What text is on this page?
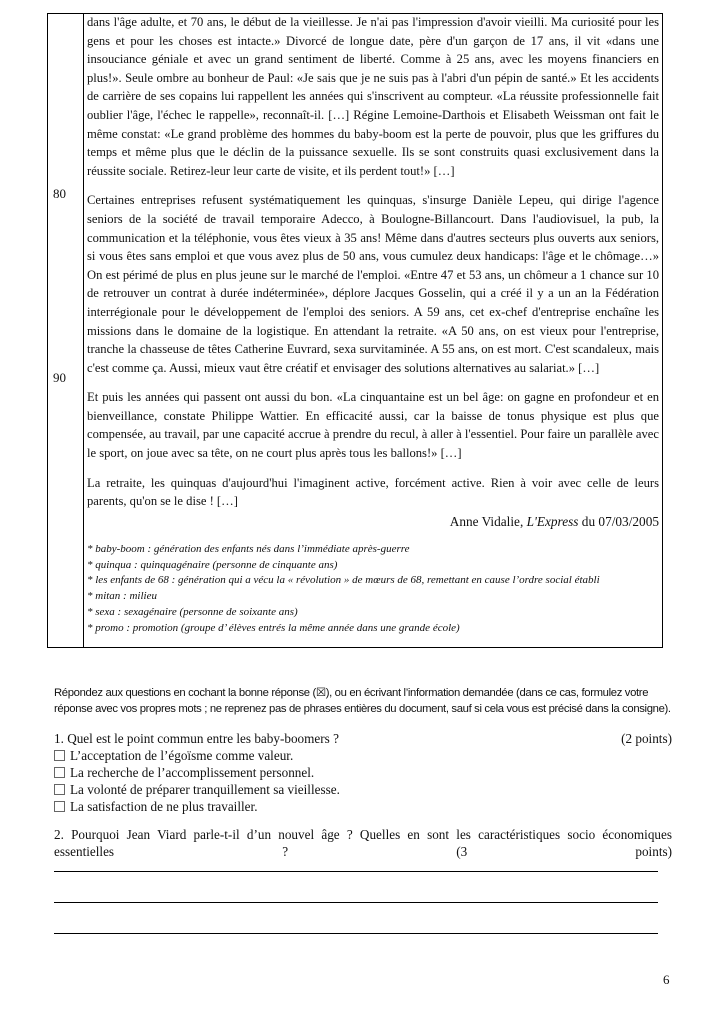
80
90

dans l'âge adulte, et 70 ans, le début de la vieillesse. Je n'ai pas l'impression d'avoir vieilli. Ma curiosité pour les gens et pour les choses est intacte.» Divorcé de longue date, père d'un garçon de 17 ans, il vit «dans une insouciance géniale et avec un grand sentiment de liberté. Comme à 25 ans, avec les moyens financiers en plus!». Seule ombre au bonheur de Paul: «Je sais que je ne suis pas à l'abri d'un pépin de santé.» Et les accidents de carrière de ses copains lui rappellent les années qui s'inscrivent au compteur. «La réussite professionnelle fait oublier l'âge, l'échec le rappelle», reconnaît-il. […] Régine Lemoine-Darthois et Elisabeth Weissman ont fait le même constat: «Le grand problème des hommes du baby-boom est la perte de pouvoir, plus que les griffures du temps et même plus que le déclin de la puissance sexuelle. Ils se sont construits quasi exclusivement dans la réussite sociale. Retirez-leur leur carte de visite, et ils perdent tout!» […]

Certaines entreprises refusent systématiquement les quinquas, s'insurge Danièle Lepeu, qui dirige l'agence seniors de la société de travail temporaire Adecco, à Boulogne-Billancourt. Dans l'audiovisuel, la pub, la communication et la téléphonie, vous êtes vieux à 35 ans! Même dans d'autres secteurs plus ouverts aux seniors, si vous êtes sans emploi et que vous avez plus de 50 ans, vous cumulez deux handicaps: l'âge et le chômage…» On est périmé de plus en plus jeune sur le marché de l'emploi. «Entre 47 et 53 ans, un chômeur a 1 chance sur 10 de retrouver un contrat à durée indéterminée», déplore Jacques Gosselin, qui a créé il y a un an la Fédération interrégionale pour le développement de l'emploi des seniors. A 59 ans, cet ex-chef d'entreprise enchaîne les missions dans le domaine de la logistique. En attendant la retraite. «A 50 ans, on est vieux pour l'entreprise, tranche la chasseuse de têtes Catherine Euvrard, sexa survitaminée. A 55 ans, on est mort. C'est scandaleux, mais c'est comme ça. Aussi, mieux vaut être créatif et envisager des solutions alternatives au salariat.» […]

Et puis les années qui passent ont aussi du bon. «La cinquantaine est un bel âge: on gagne en profondeur et en bienveillance, constate Philippe Wattier. En efficacité aussi, car la baisse de tonus physique est plus que compensée, au travail, par une capacité accrue à prendre du recul, à aller à l'essentiel. Pour faire un parallèle avec le sport, on joue avec sa tête, on ne court plus après tous les ballons!» […]

La retraite, les quinquas d'aujourd'hui l'imaginent active, forcément active. Rien à voir avec celle de leurs parents, qu'on se le dise ! […]

Anne Vidalie, L'Express du 07/03/2005
* baby-boom : génération des enfants nés dans l’immédiate après-guerre
* quinqua : quinquagénaire (personne de cinquante ans)
* les enfants de 68 : génération qui a vécu la « révolution » de mœurs de 68, remettant en cause l’ordre social établi
* mitan : milieu
* sexa : sexagénaire (personne de soixante ans)
* promo : promotion (groupe d’ élèves entrés la même année dans une grande école)
Répondez aux questions en cochant la bonne réponse (☒), ou en écrivant l’information demandée (dans ce cas, formulez votre réponse avec vos propres mots ; ne reprenez pas de phrases entières du document, sauf si cela vous est précisé dans la consigne).
1. Quel est le point commun entre les baby-boomers ?	(2 points)
L’acceptation de l’égoïsme comme valeur.
La recherche de l’accomplissement personnel.
La volonté de préparer tranquillement sa vieillesse.
La satisfaction de ne plus travailler.
2. Pourquoi Jean Viard parle-t-il d’un nouvel âge ? Quelles en sont les caractéristiques socio économiques essentielles ?	(3 points)
6
